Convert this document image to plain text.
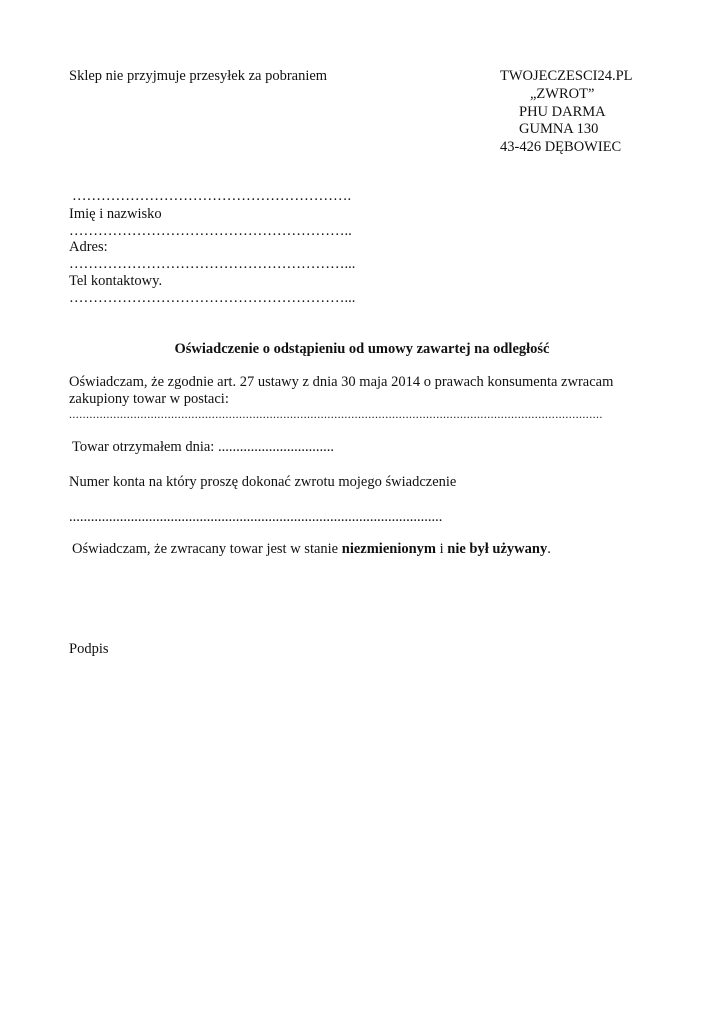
Sklep nie przyjmuje przesyłek za pobraniem	TWOJECZESCI24.PL
„ZWROT”
PHU DARMA
GUMNA 130
43-426 DĘBOWIEC
………………………………………………….
Imię i nazwisko
…………………………………………………..
Adres:
…………………………………………………...
Tel kontaktowy.
…………………………………………………...
Oświadczenie o odstąpieniu od umowy zawartej na odległość
Oświadczam, że zgodnie art. 27 ustawy z dnia 30 maja 2014 o prawach konsumenta zwracam
zakupiony towar w postaci:
.............................................................................................................................................................
Towar otrzymałem dnia: ................................
Numer konta na który proszę dokonać zwrotu mojego świadczenie
.......................................................................................................
Oświadczam, że zwracany towar jest w stanie niezmienionym i nie był używany.
Podpis
